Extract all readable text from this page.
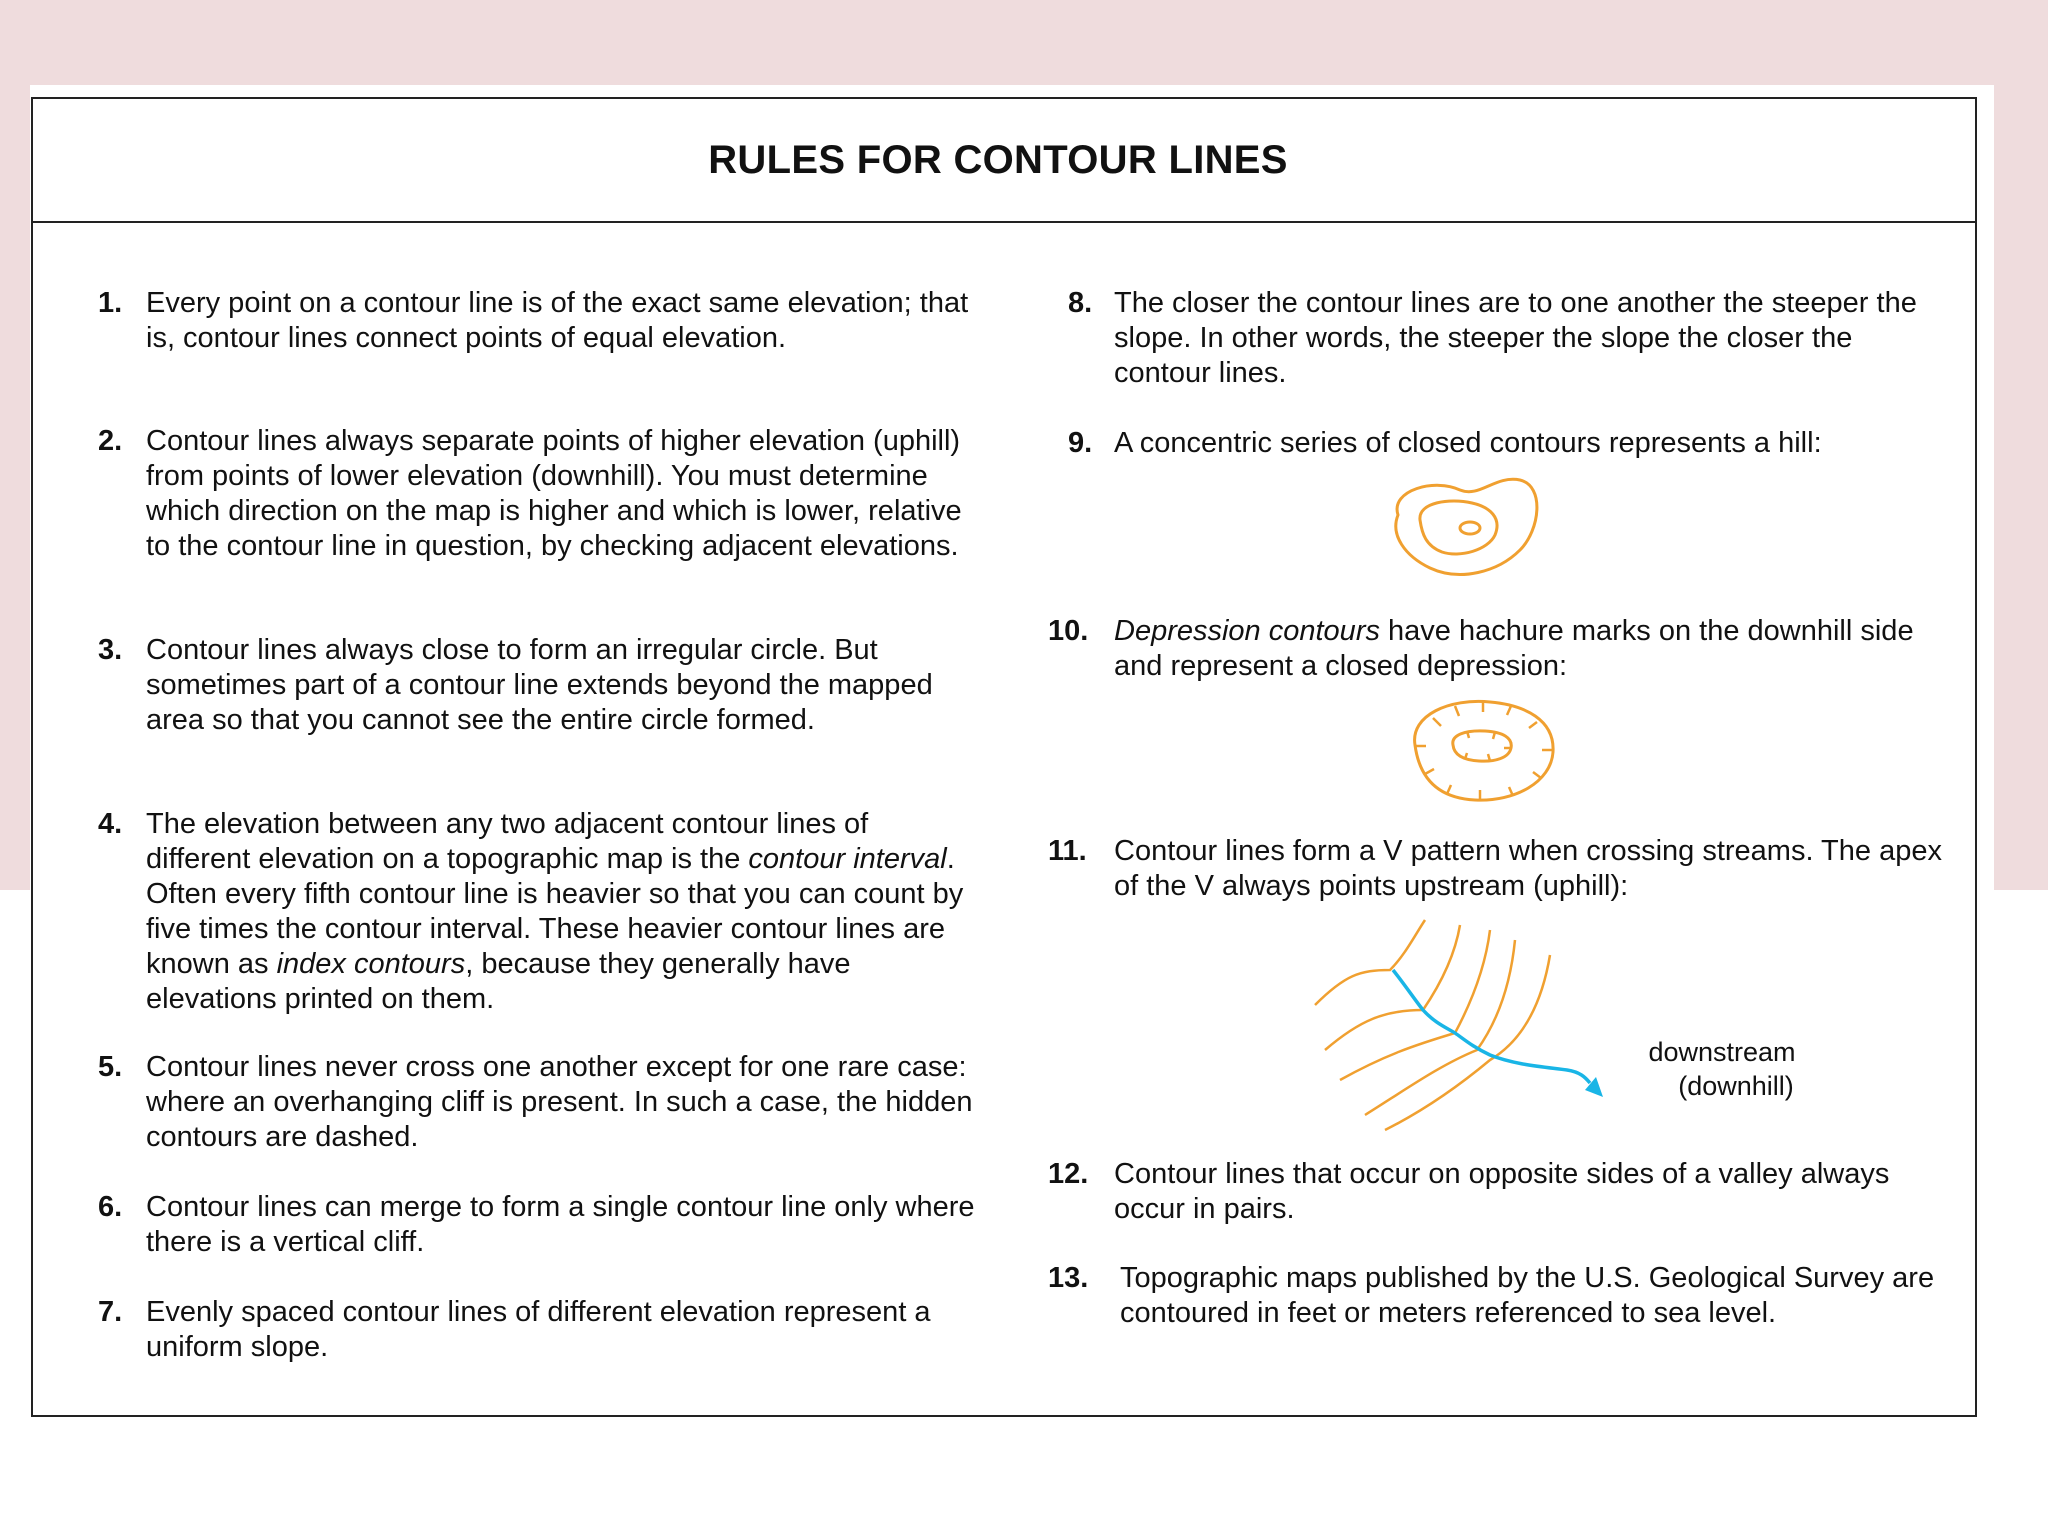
RULES FOR CONTOUR LINES
1. Every point on a contour line is of the exact same elevation; that is, contour lines connect points of equal elevation.
2. Contour lines always separate points of higher elevation (uphill) from points of lower elevation (downhill). You must determine which direction on the map is higher and which is lower, relative to the contour line in question, by checking adjacent elevations.
3. Contour lines always close to form an irregular circle. But sometimes part of a contour line extends beyond the mapped area so that you cannot see the entire circle formed.
4. The elevation between any two adjacent contour lines of different elevation on a topographic map is the contour interval. Often every fifth contour line is heavier so that you can count by five times the contour interval. These heavier contour lines are known as index contours, because they generally have elevations printed on them.
5. Contour lines never cross one another except for one rare case: where an overhanging cliff is present. In such a case, the hidden contours are dashed.
6. Contour lines can merge to form a single contour line only where there is a vertical cliff.
7. Evenly spaced contour lines of different elevation represent a uniform slope.
8. The closer the contour lines are to one another the steeper the slope. In other words, the steeper the slope the closer the contour lines.
9. A concentric series of closed contours represents a hill:
10. Depression contours have hachure marks on the downhill side and represent a closed depression:
11. Contour lines form a V pattern when crossing streams. The apex of the V always points upstream (uphill):
downstream
(downhill)
12. Contour lines that occur on opposite sides of a valley always occur in pairs.
13.	Topographic maps published by the U.S. Geological Survey are contoured in feet or meters referenced to sea level.
